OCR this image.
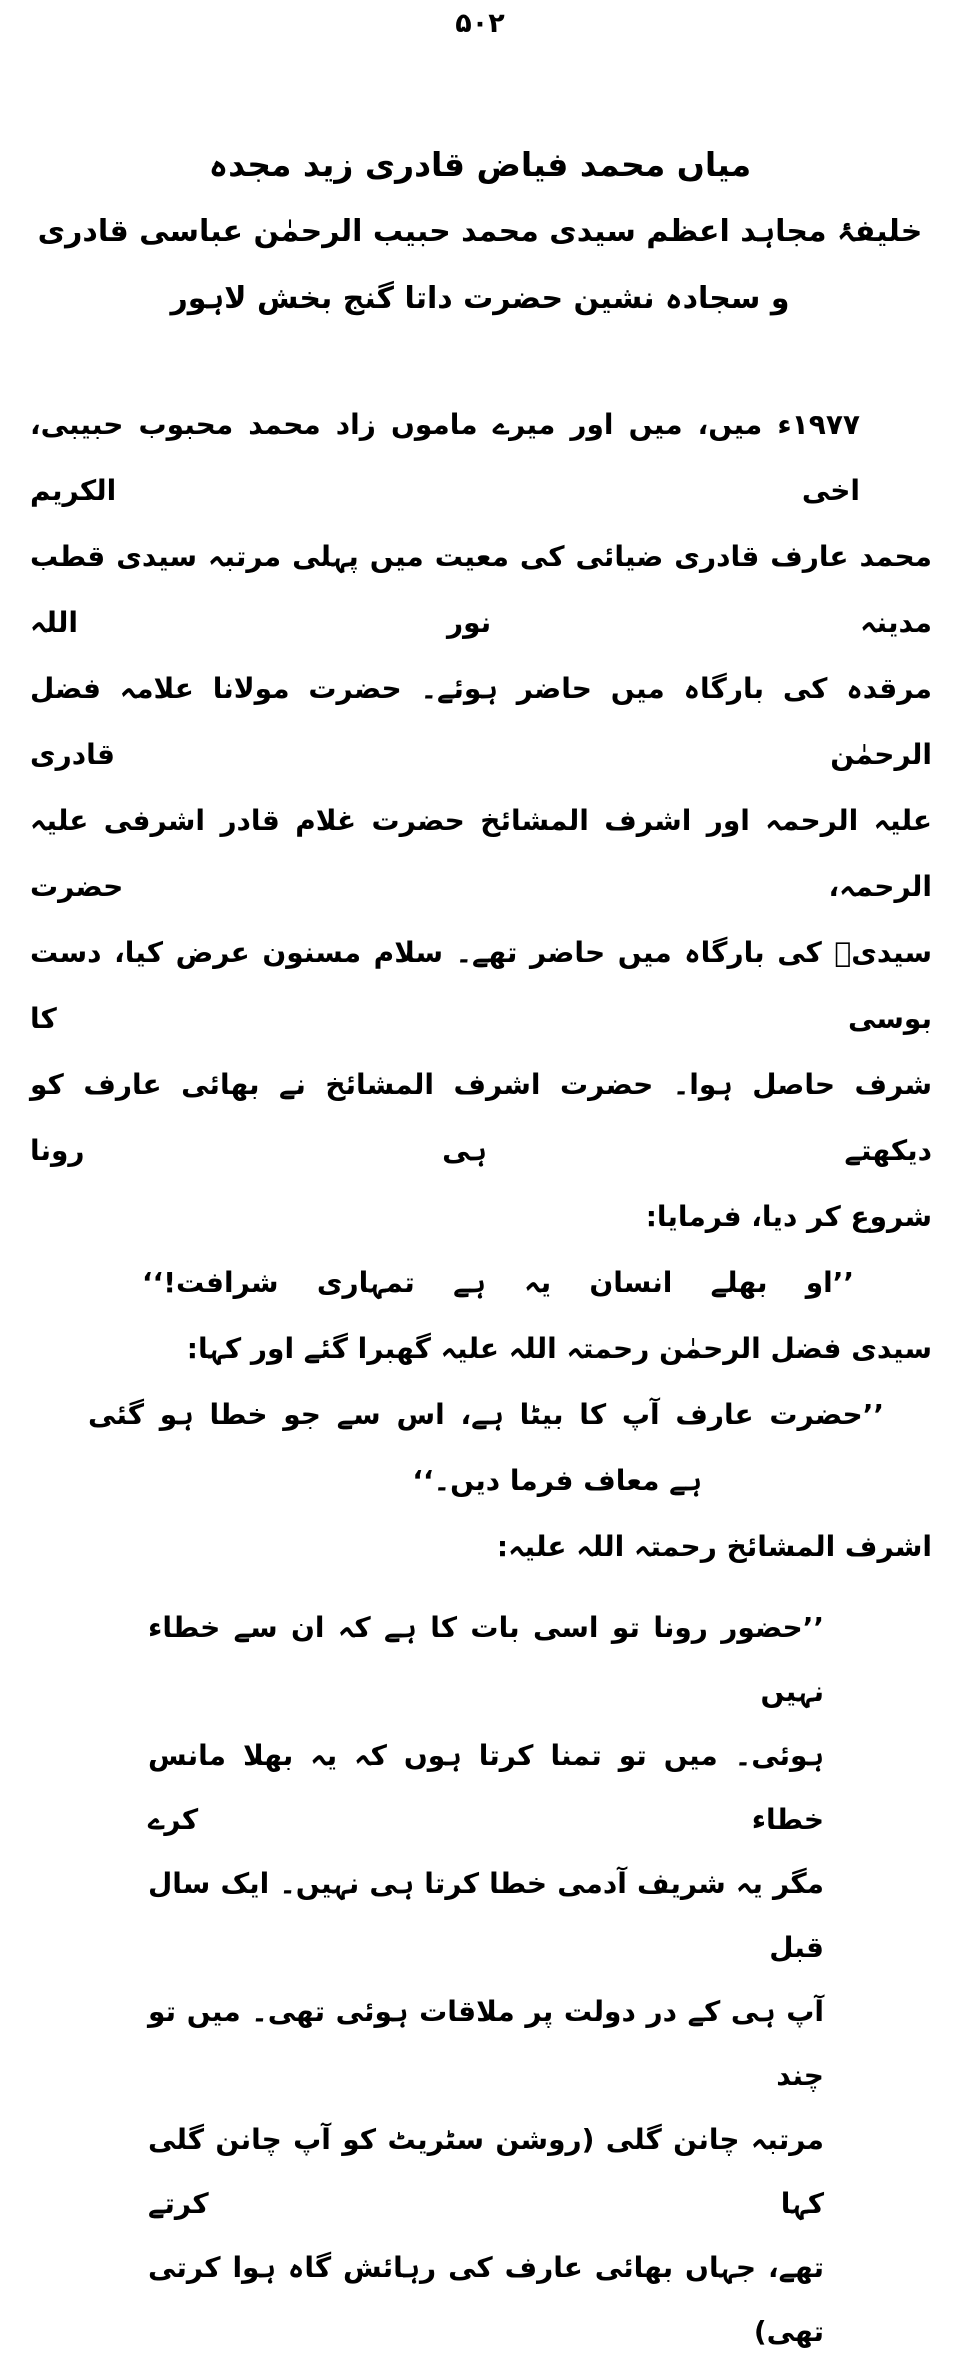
۵۰۲
میاں محمد فیاض قادری زید مجدہ
خلیفۂ مجاہد اعظم سیدی محمد حبیب الرحمٰن عباسی قادری
و سجادہ نشین حضرت داتا گنج بخش لاہور
۱۹۷۷ء میں، میں اور میرے ماموں زاد محمد محبوب حبیبی، اخی الکریم
محمد عارف قادری ضیائی کی معیت میں پہلی مرتبہ سیدی قطب مدینہ نور اللہ
مرقدہ کی بارگاہ میں حاضر ہوئے۔ حضرت مولانا علامہ فضل الرحمٰن قادری
علیہ الرحمہ اور اشرف المشائخ حضرت غلام قادر اشرفی علیہ الرحمہ، حضرت
سیدیؒ کی بارگاہ میں حاضر تھے۔ سلام مسنون عرض کیا، دست بوسی کا
شرف حاصل ہوا۔ حضرت اشرف المشائخ نے بھائی عارف کو دیکھتے ہی رونا
شروع کر دیا، فرمایا:
’’او بھلے انسان یہ ہے تمہاری شرافت!‘‘
سیدی فضل الرحمٰن رحمتہ اللہ علیہ گھبرا گئے اور کہا:
’’حضرت عارف آپ کا بیٹا ہے، اس سے جو خطا ہو گئی
ہے معاف فرما دیں۔‘‘
اشرف المشائخ رحمتہ اللہ علیہ:
’’حضور رونا تو اسی بات کا ہے کہ ان سے خطاء نہیں
ہوئی۔ میں تو تمنا کرتا ہوں کہ یہ بھلا مانس خطاء کرے
مگر یہ شریف آدمی خطا کرتا ہی نہیں۔ ایک سال قبل
آپ ہی کے در دولت پر ملاقات ہوئی تھی۔ میں تو چند
مرتبہ چانن گلی (روشن سٹریٹ کو آپ چانن گلی کہا کرتے
تھے، جہاں بھائی عارف کی رہائش گاہ ہوا کرتی تھی)
